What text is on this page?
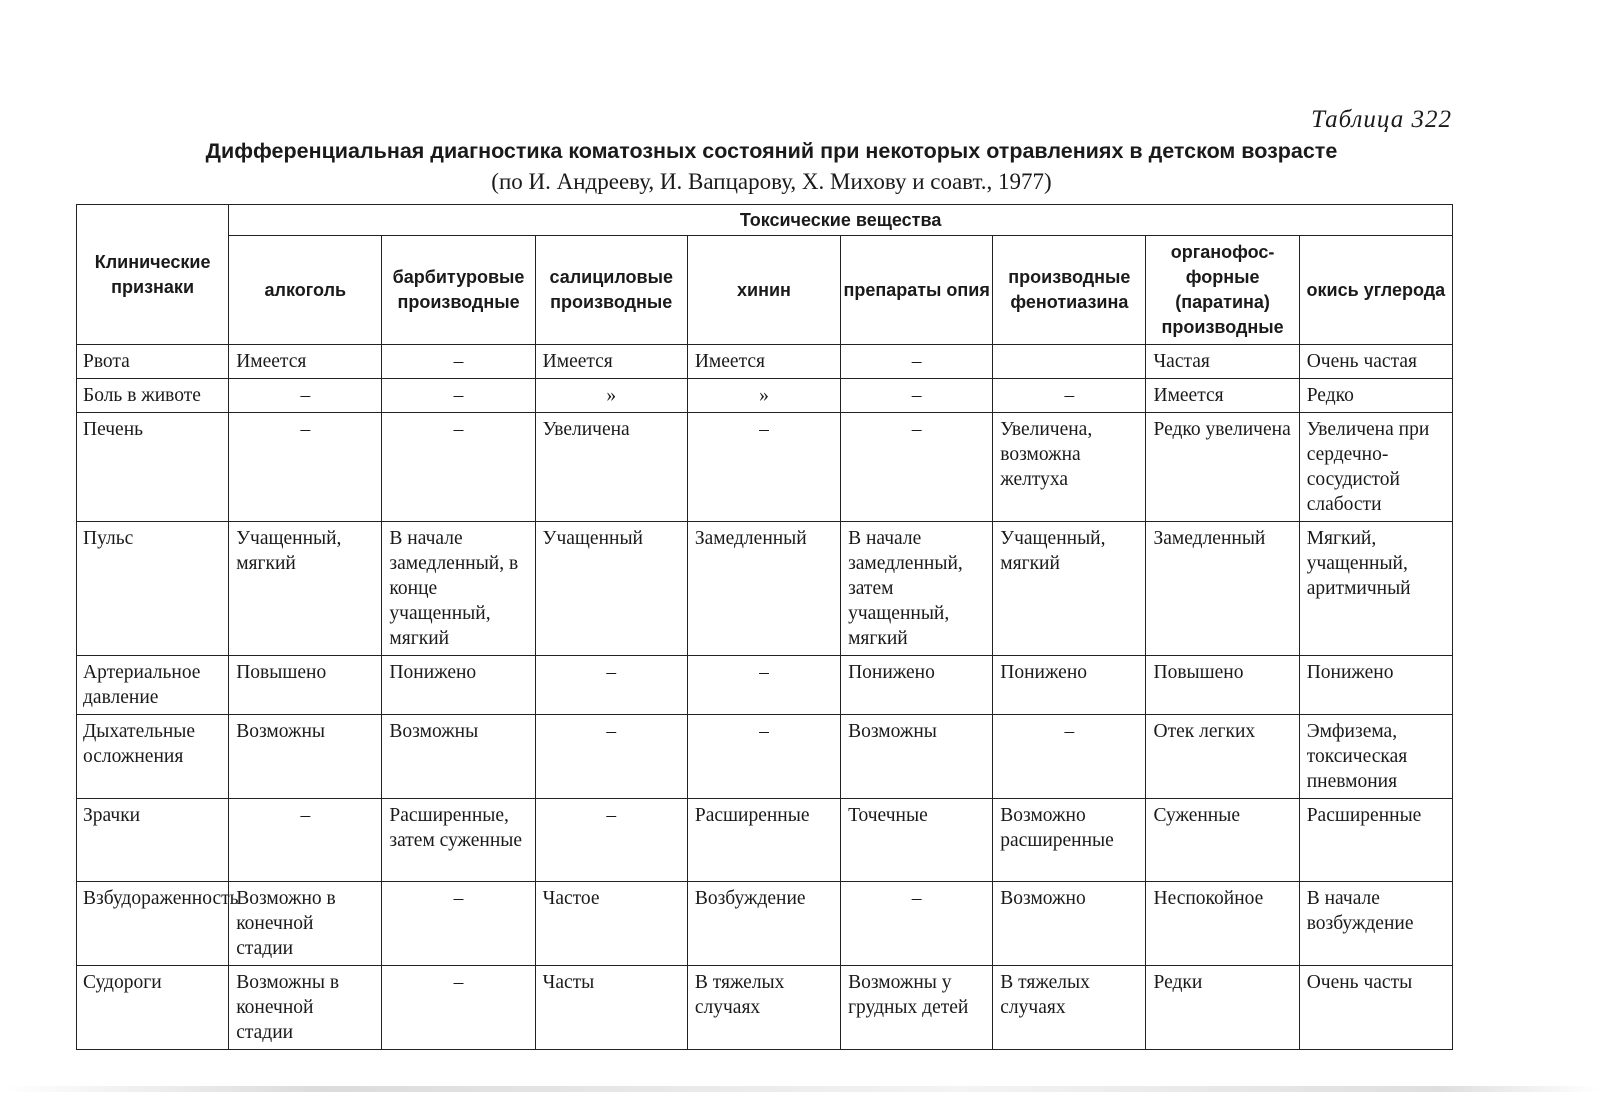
Таблица 322
Дифференциальная диагностика коматозных состояний при некоторых отравлениях в детском возрасте
(по И. Андрееву, И. Вапцарову, Х. Михову и соавт., 1977)
Клинические признаки	Токсические вещества							
	алкоголь	барбитуровые производные	салициловые производные	хинин	препараты опия	производные фенотиазина	органофос-форные (паратина) производные	окись углерода
Рвота	Имеется	–	Имеется	Имеется	–		Частая	Очень частая
Боль в животе	–	–	»	»	–	–	Имеется	Редко
Печень	–	–	Увеличена	–	–	Увеличена, возможна желтуха	Редко увеличена	Увеличена при сердечно-сосудистой слабости
Пульс	Учащенный, мягкий	В начале замедленный, в конце учащенный, мягкий	Учащенный	Замедленный	В начале замедленный, затем учащенный, мягкий	Учащенный, мягкий	Замедленный	Мягкий, учащенный, аритмичный
Артериальное давление	Повышено	Понижено	–	–	Понижено	Понижено	Повышено	Понижено
Дыхательные осложнения	Возможны	Возможны	–	–	Возможны	–	Отек легких	Эмфизема, токсическая пневмония
Зрачки	–	Расширенные, затем суженные	–	Расширенные	Точечные	Возможно расширенные	Суженные	Расширенные
Взбудораженность	Возможно в конечной стадии	–	Частое	Возбуждение	–	Возможно	Неспокойное	В начале возбуждение
Судороги	Возможны в конечной стадии	–	Часты	В тяжелых случаях	Возможны у грудных детей	В тяжелых случаях	Редки	Очень часты
